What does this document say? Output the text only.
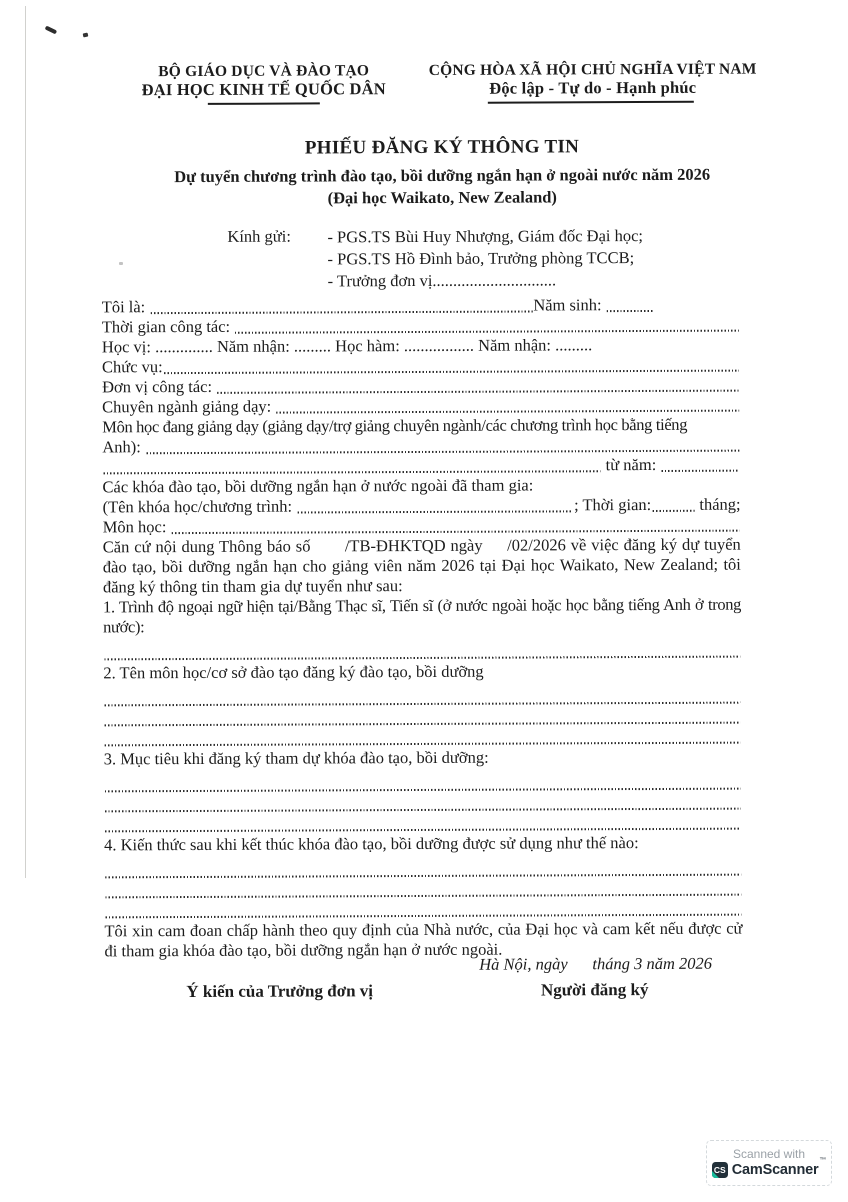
BỘ GIÁO DỤC VÀ ĐÀO TẠO
ĐẠI HỌC KINH TẾ QUỐC DÂN
CỘNG HÒA XÃ HỘI CHỦ NGHĨA VIỆT NAM
Độc lập - Tự do - Hạnh phúc
PHIẾU ĐĂNG KÝ THÔNG TIN
Dự tuyển chương trình đào tạo, bồi dưỡng ngắn hạn ở ngoài nước năm 2026
(Đại học Waikato, New Zealand)
Kính gửi: - PGS.TS Bùi Huy Nhượng, Giám đốc Đại học;
- PGS.TS Hồ Đình bảo, Trưởng phòng TCCB;
- Trưởng đơn vị..............................
Tôi là:	Năm sinh:
Thời gian công tác:
Học vị: .............. Năm nhận: ......... Học hàm: ................. Năm nhận: .........
Chức vụ:
Đơn vị công tác:
Chuyên ngành giảng dạy:
Môn học đang giảng dạy (giảng dạy/trợ giảng chuyên ngành/các chương trình học bằng tiếng
Anh):
từ năm:
Các khóa đào tạo, bồi dưỡng ngắn hạn ở nước ngoài đã tham gia:
(Tên khóa học/chương trình:	; Thời gian:	tháng;
Môn học:
Căn cứ nội dung Thông báo số       /TB-ĐHKTQD ngày     /02/2026 về việc đăng ký dự tuyển đào tạo, bồi dưỡng ngắn hạn cho giảng viên năm 2026 tại Đại học Waikato, New Zealand; tôi đăng ký thông tin tham gia dự tuyển như sau:
1. Trình độ ngoại ngữ hiện tại/Bằng Thạc sĩ, Tiến sĩ (ở nước ngoài hoặc học bằng tiếng Anh ở trong nước):
2. Tên môn học/cơ sở đào tạo đăng ký đào tạo, bồi dưỡng
3. Mục tiêu khi đăng ký tham dự khóa đào tạo, bồi dưỡng:
4. Kiến thức sau khi kết thúc khóa đào tạo, bồi dưỡng được sử dụng như thế nào:
Tôi xin cam đoan chấp hành theo quy định của Nhà nước, của Đại học và cam kết nếu được cử đi tham gia khóa đào tạo, bồi dưỡng ngắn hạn ở nước ngoài.
Hà Nội, ngày      tháng 3 năm 2026
Ý kiến của Trưởng đơn vị	Người đăng ký
Scanned with
CS CamScanner™
